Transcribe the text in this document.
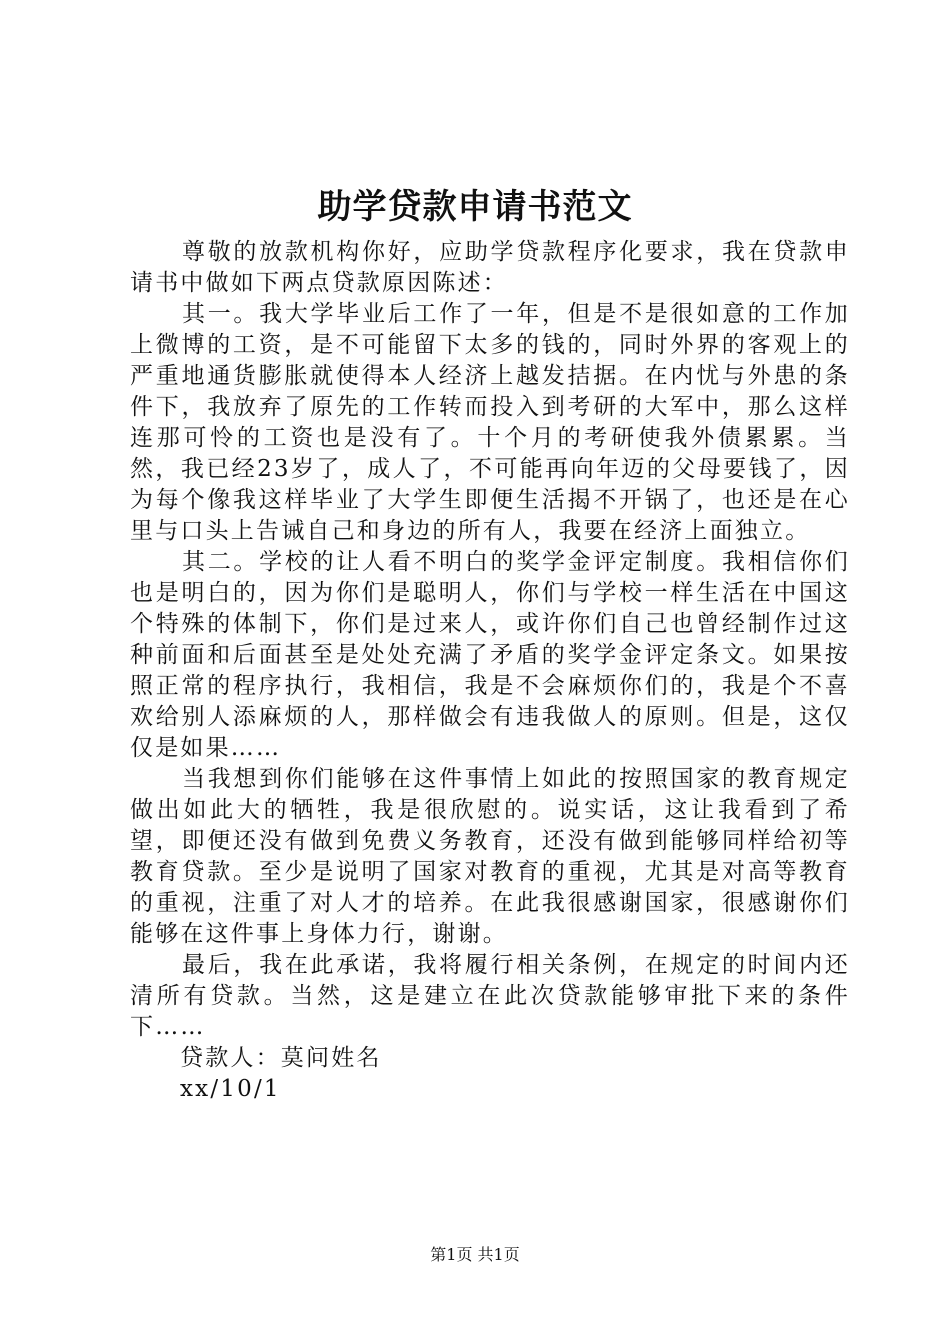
助学贷款申请书范文

尊敬的放款机构你好，应助学贷款程序化要求，我在贷款申请书中做如下两点贷款原因陈述：

其一。我大学毕业后工作了一年，但是不是很如意的工作加上微博的工资，是不可能留下太多的钱的，同时外界的客观上的严重地通货膨胀就使得本人经济上越发拮据。在内忧与外患的条件下，我放弃了原先的工作转而投入到考研的大军中，那么这样连那可怜的工资也是没有了。十个月的考研使我外债累累。当然，我已经23岁了，成人了，不可能再向年迈的父母要钱了，因为每个像我这样毕业了大学生即便生活揭不开锅了，也还是在心里与口头上告诫自己和身边的所有人，我要在经济上面独立。

其二。学校的让人看不明白的奖学金评定制度。我相信你们也是明白的，因为你们是聪明人，你们与学校一样生活在中国这个特殊的体制下，你们是过来人，或许你们自己也曾经制作过这种前面和后面甚至是处处充满了矛盾的奖学金评定条文。如果按照正常的程序执行，我相信，我是不会麻烦你们的，我是个不喜欢给别人添麻烦的人，那样做会有违我做人的原则。但是，这仅仅是如果……

当我想到你们能够在这件事情上如此的按照国家的教育规定做出如此大的牺牲，我是很欣慰的。说实话，这让我看到了希望，即便还没有做到免费义务教育，还没有做到能够同样给初等教育贷款。至少是说明了国家对教育的重视，尤其是对高等教育的重视，注重了对人才的培养。在此我很感谢国家，很感谢你们能够在这件事上身体力行，谢谢。

最后，我在此承诺，我将履行相关条例，在规定的时间内还清所有贷款。当然，这是建立在此次贷款能够审批下来的条件下……

贷款人：莫问姓名

xx/10/1

第1页 共1页
